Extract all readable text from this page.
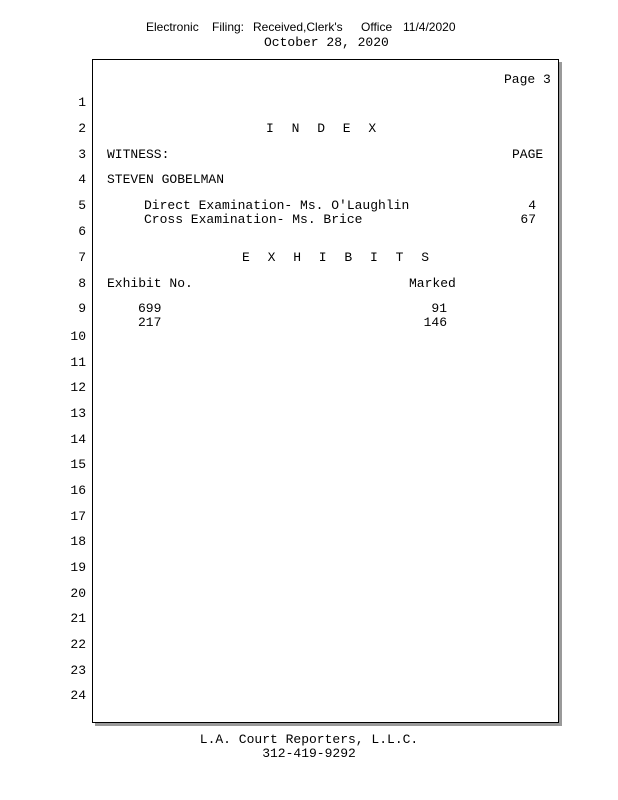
Electronic Filing: Received,Clerk's Office 11/4/2020
October 28, 2020
Page 3
1
2
3
4
5
6
7
8
9
10
11
12
13
14
15
16
17
18
19
20
21
22
23
24
I N D E X
WITNESS:	PAGE
STEVEN GOBELMAN
Direct Examination- Ms. O'Laughlin	4
Cross Examination- Ms. Brice	67
E X H I B I T S
Exhibit No.	Marked
699	91
217	146
L.A. Court Reporters, L.L.C.
312-419-9292
